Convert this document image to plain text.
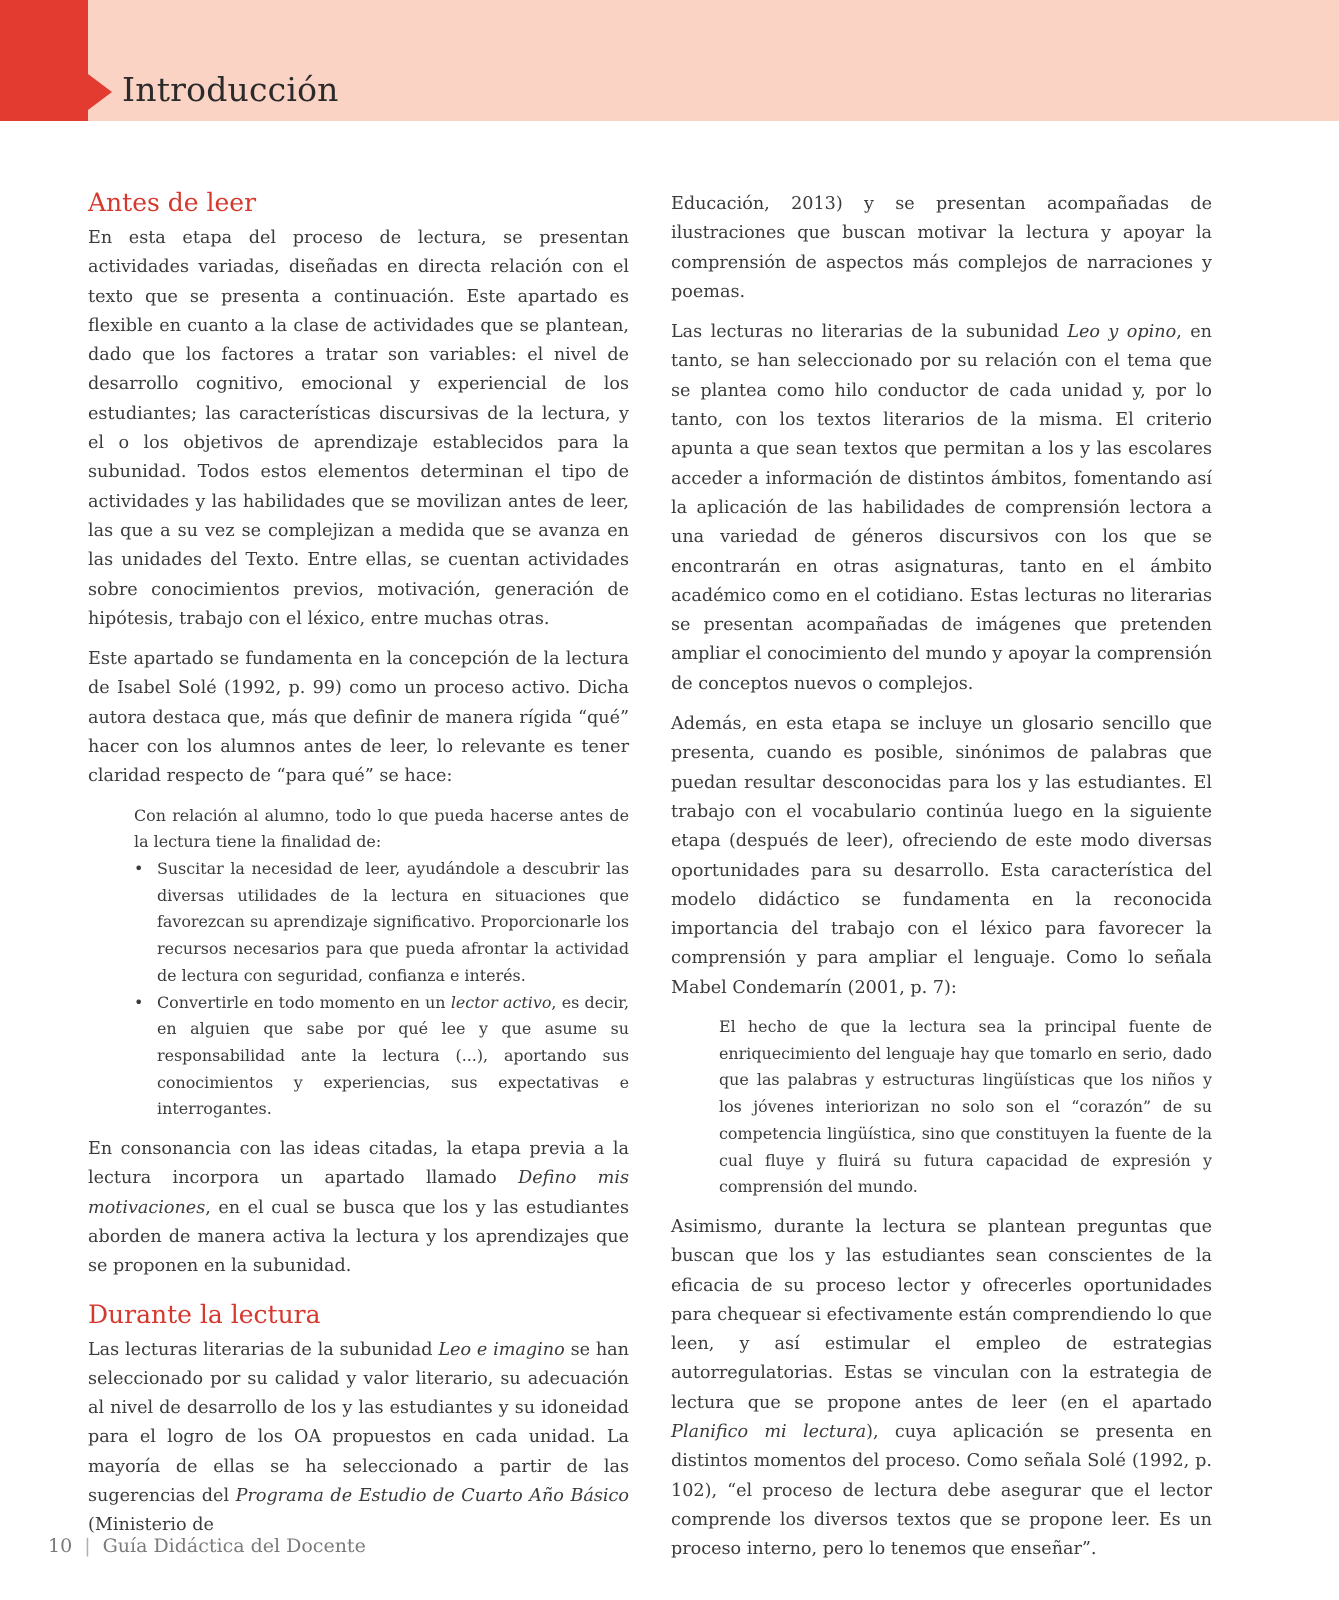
Introducción
Antes de leer

En esta etapa del proceso de lectura, se presentan actividades variadas, diseñadas en directa relación con el texto que se presenta a continuación. Este apartado es flexible en cuanto a la clase de actividades que se plantean, dado que los factores a tratar son variables: el nivel de desarrollo cognitivo, emocional y experiencial de los estudiantes; las características discursivas de la lectura, y el o los objetivos de aprendizaje establecidos para la subunidad. Todos estos elementos determinan el tipo de actividades y las habilidades que se movilizan antes de leer, las que a su vez se complejizan a medida que se avanza en las unidades del Texto. Entre ellas, se cuentan actividades sobre conocimientos previos, motivación, generación de hipótesis, trabajo con el léxico, entre muchas otras.

Este apartado se fundamenta en la concepción de la lectura de Isabel Solé (1992, p. 99) como un proceso activo. Dicha autora destaca que, más que definir de manera rígida “qué” hacer con los alumnos antes de leer, lo relevante es tener claridad respecto de “para qué” se hace:

Con relación al alumno, todo lo que pueda hacerse antes de la lectura tiene la finalidad de:

• Suscitar la necesidad de leer, ayudándole a descubrir las diversas utilidades de la lectura en situaciones que favorezcan su aprendizaje significativo. Proporcionarle los recursos necesarios para que pueda afrontar la actividad de lectura con seguridad, confianza e interés.
• Convertirle en todo momento en un lector activo, es decir, en alguien que sabe por qué lee y que asume su responsabilidad ante la lectura (...), aportando sus conocimientos y experiencias, sus expectativas e interrogantes.

En consonancia con las ideas citadas, la etapa previa a la lectura incorpora un apartado llamado Defino mis motivaciones, en el cual se busca que los y las estudiantes aborden de manera activa la lectura y los aprendizajes que se proponen en la subunidad.

Durante la lectura

Las lecturas literarias de la subunidad Leo e imagino se han seleccionado por su calidad y valor literario, su adecuación al nivel de desarrollo de los y las estudiantes y su idoneidad para el logro de los OA propuestos en cada unidad. La mayoría de ellas se ha seleccionado a partir de las sugerencias del Programa de Estudio de Cuarto Año Básico (Ministerio de

Educación, 2013) y se presentan acompañadas de ilustraciones que buscan motivar la lectura y apoyar la comprensión de aspectos más complejos de narraciones y poemas.

Las lecturas no literarias de la subunidad Leo y opino, en tanto, se han seleccionado por su relación con el tema que se plantea como hilo conductor de cada unidad y, por lo tanto, con los textos literarios de la misma. El criterio apunta a que sean textos que permitan a los y las escolares acceder a información de distintos ámbitos, fomentando así la aplicación de las habilidades de comprensión lectora a una variedad de géneros discursivos con los que se encontrarán en otras asignaturas, tanto en el ámbito académico como en el cotidiano. Estas lecturas no literarias se presentan acompañadas de imágenes que pretenden ampliar el conocimiento del mundo y apoyar la comprensión de conceptos nuevos o complejos.

Además, en esta etapa se incluye un glosario sencillo que presenta, cuando es posible, sinónimos de palabras que puedan resultar desconocidas para los y las estudiantes. El trabajo con el vocabulario continúa luego en la siguiente etapa (después de leer), ofreciendo de este modo diversas oportunidades para su desarrollo. Esta característica del modelo didáctico se fundamenta en la reconocida importancia del trabajo con el léxico para favorecer la comprensión y para ampliar el lenguaje. Como lo señala Mabel Condemarín (2001, p. 7):

El hecho de que la lectura sea la principal fuente de enriquecimiento del lenguaje hay que tomarlo en serio, dado que las palabras y estructuras lingüísticas que los niños y los jóvenes interiorizan no solo son el “corazón” de su competencia lingüística, sino que constituyen la fuente de la cual fluye y fluirá su futura capacidad de expresión y comprensión del mundo.

Asimismo, durante la lectura se plantean preguntas que buscan que los y las estudiantes sean conscientes de la eficacia de su proceso lector y ofrecerles oportunidades para chequear si efectivamente están comprendiendo lo que leen, y así estimular el empleo de estrategias autorregulatorias. Estas se vinculan con la estrategia de lectura que se propone antes de leer (en el apartado Planifico mi lectura), cuya aplicación se presenta en distintos momentos del proceso. Como señala Solé (1992, p. 102), “el proceso de lectura debe asegurar que el lector comprende los diversos textos que se propone leer. Es un proceso interno, pero lo tenemos que enseñar”.

10 | Guía Didáctica del Docente
